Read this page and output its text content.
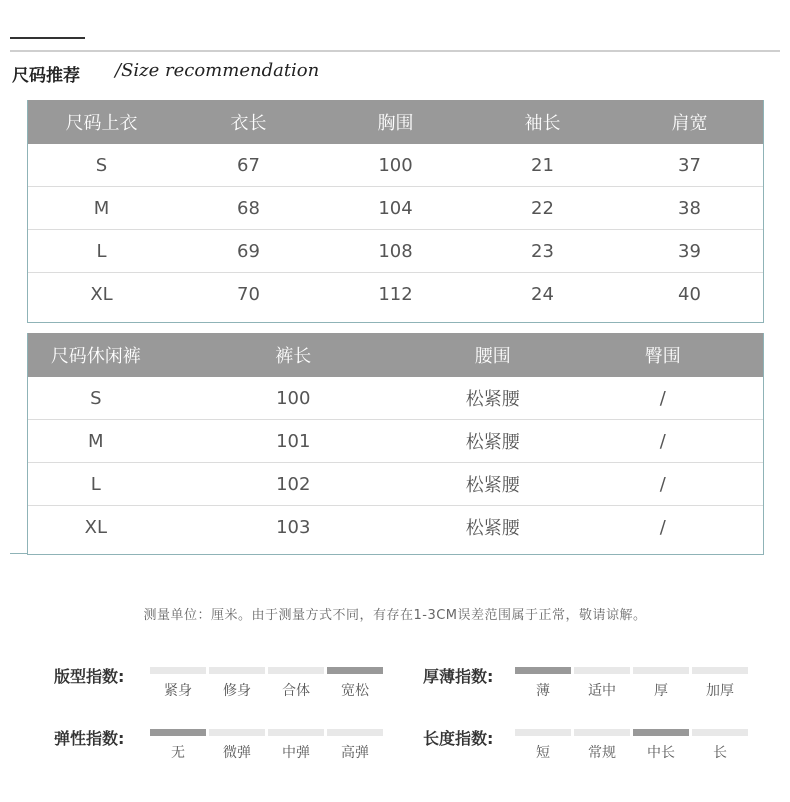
尺码推荐 /Size recommendation
尺码上衣	衣长	胸围	袖长	肩宽
S	67	100	21	37
M	68	104	22	38
L	69	108	23	39
XL	70	112	24	40
尺码休闲裤	裤长	腰围	臀围
S	100	松紧腰	/
M	101	松紧腰	/
L	102	松紧腰	/
XL	103	松紧腰	/
测量单位：厘米。由于测量方式不同，有存在1-3CM误差范围属于正常，敬请谅解。
版型指数:
紧身	修身	合体	宽松
厚薄指数:
薄	适中	厚	加厚
弹性指数:
无	微弹	中弹	高弹
长度指数:
短	常规	中长	长
